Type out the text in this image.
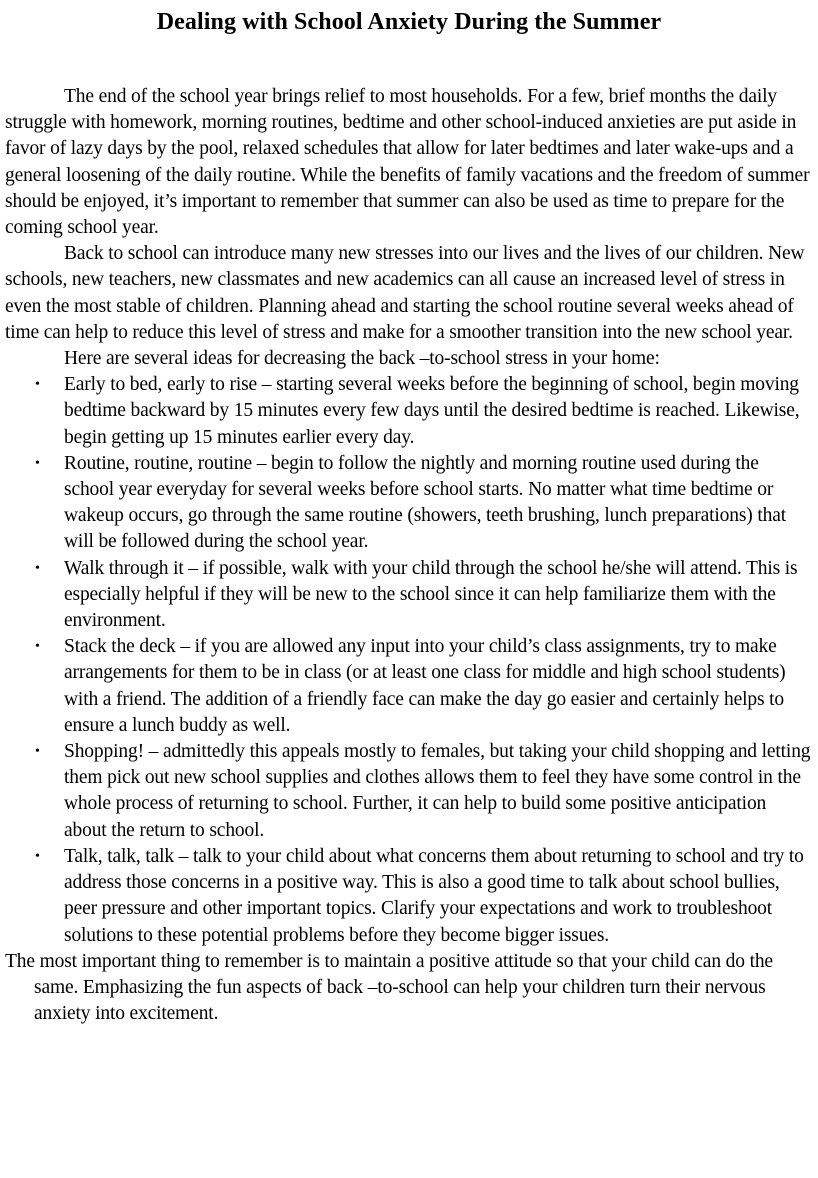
Dealing with School Anxiety During the Summer

The end of the school year brings relief to most households. For a few, brief months the daily struggle with homework, morning routines, bedtime and other school-induced anxieties are put aside in favor of lazy days by the pool, relaxed schedules that allow for later bedtimes and later wake-ups and a general loosening of the daily routine. While the benefits of family vacations and the freedom of summer should be enjoyed, it’s important to remember that summer can also be used as time to prepare for the coming school year.

Back to school can introduce many new stresses into our lives and the lives of our children. New schools, new teachers, new classmates and new academics can all cause an increased level of stress in even the most stable of children. Planning ahead and starting the school routine several weeks ahead of time can help to reduce this level of stress and make for a smoother transition into the new school year.

Here are several ideas for decreasing the back –to-school stress in your home:

• Early to bed, early to rise – starting several weeks before the beginning of school, begin moving bedtime backward by 15 minutes every few days until the desired bedtime is reached. Likewise, begin getting up 15 minutes earlier every day.
• Routine, routine, routine – begin to follow the nightly and morning routine used during the school year everyday for several weeks before school starts. No matter what time bedtime or wakeup occurs, go through the same routine (showers, teeth brushing, lunch preparations) that will be followed during the school year.
• Walk through it – if possible, walk with your child through the school he/she will attend. This is especially helpful if they will be new to the school since it can help familiarize them with the environment.
• Stack the deck – if you are allowed any input into your child’s class assignments, try to make arrangements for them to be in class (or at least one class for middle and high school students) with a friend. The addition of a friendly face can make the day go easier and certainly helps to ensure a lunch buddy as well.
• Shopping! – admittedly this appeals mostly to females, but taking your child shopping and letting them pick out new school supplies and clothes allows them to feel they have some control in the whole process of returning to school. Further, it can help to build some positive anticipation about the return to school.
• Talk, talk, talk – talk to your child about what concerns them about returning to school and try to address those concerns in a positive way. This is also a good time to talk about school bullies, peer pressure and other important topics. Clarify your expectations and work to troubleshoot solutions to these potential problems before they become bigger issues.

The most important thing to remember is to maintain a positive attitude so that your child can do the same. Emphasizing the fun aspects of back –to-school can help your children turn their nervous anxiety into excitement.
